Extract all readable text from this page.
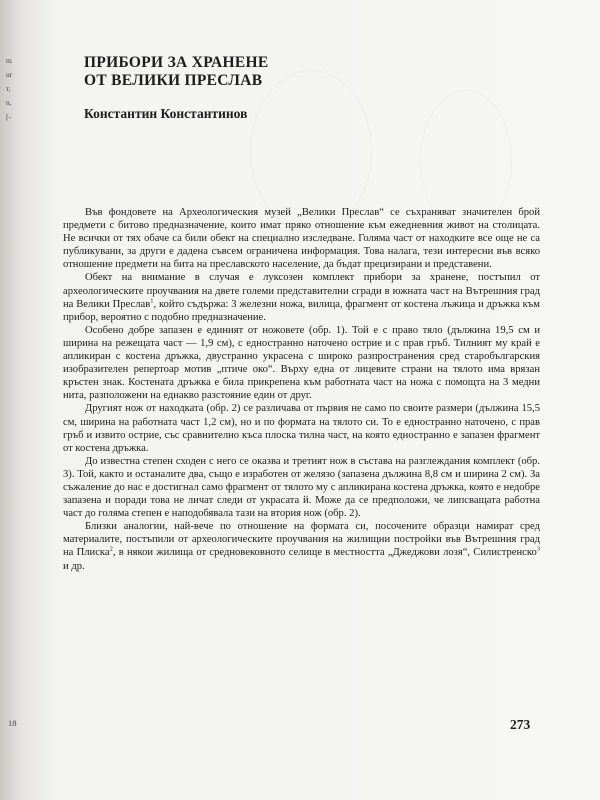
m
ur
т,
n,
[-
18
ПРИБОРИ ЗА ХРАНЕНЕ
ОТ ВЕЛИКИ ПРЕСЛАВ
Константин Константинов

Във фондовете на Археологическия музей „Велики Преслав“ се съхраняват значителен брой предмети с битово предназначение, които имат пряко отношение към ежедневния живот на столицата. Не всички от тях обаче са били обект на специално изследване. Голяма част от находките все още не са публикувани, за други е дадена съвсем ограничена информация. Това налага, тези интересни във всяко отношение предмети на бита на преславското население, да бъдат прецизирани и представени.

Обект на внимание в случая е луксозен комплект прибори за хранене, постъпил от археологическите проучвания на двете големи представителни сгради в южната част на Вътрешния град на Велики Преслав$^1$, който съдържа: 3 железни ножа, вилица, фрагмент от костена лъжица и дръжка към прибор, вероятно с подобно предназначение.

Особено добре запазен е единият от ножовете (обр. 1). Той е с право тяло (дължина 19,5 см и ширина на режещата част — 1,9 см), с едностранно наточено острие и с прав гръб. Тилният му край е апликиран с костена дръжка, двустранно украсена с широко разпространения сред старобългарския изобразителен репертоар мотив „птиче око“. Върху една от лицевите страни на тялото има врязан кръстен знак. Костената дръжка е била прикрепена към работната част на ножа с помощта на 3 медни нита, разположени на еднакво разстояние един от друг.

Другият нож от находката (обр. 2) се различава от първия не само по своите размери (дължина 15,5 см, ширина на работната част 1,2 см), но и по формата на тялото си. То е едностранно наточено, с прав гръб и извито острие, със сравнително къса плоска тилна част, на която едностранно е запазен фрагмент от костена дръжка.

До известна степен сходен с него се оказва и третият нож в състава на разглеждания комплект (обр. 3). Той, както и останалите два, също е изработен от желязо (запазена дължина 8,8 см и ширина 2 см). За съжаление до нас е достигнал само фрагмент от тялото му с апликирана костена дръжка, която е недобре запазена и поради това не личат следи от украсата й. Може да се предположи, че липсващата работна част до голяма степен е наподобявала тази на втория нож (обр. 2).

Близки аналогии, най-вече по отношение на формата си, посочените образци намират сред материалите, постъпили от археологическите проучвания на жилищни постройки във Вътрешния град на Плиска$^2$, в някои жилища от средновековното селище в местността „Джеджови лозя“, Силистренско$^3$ и др.

273
